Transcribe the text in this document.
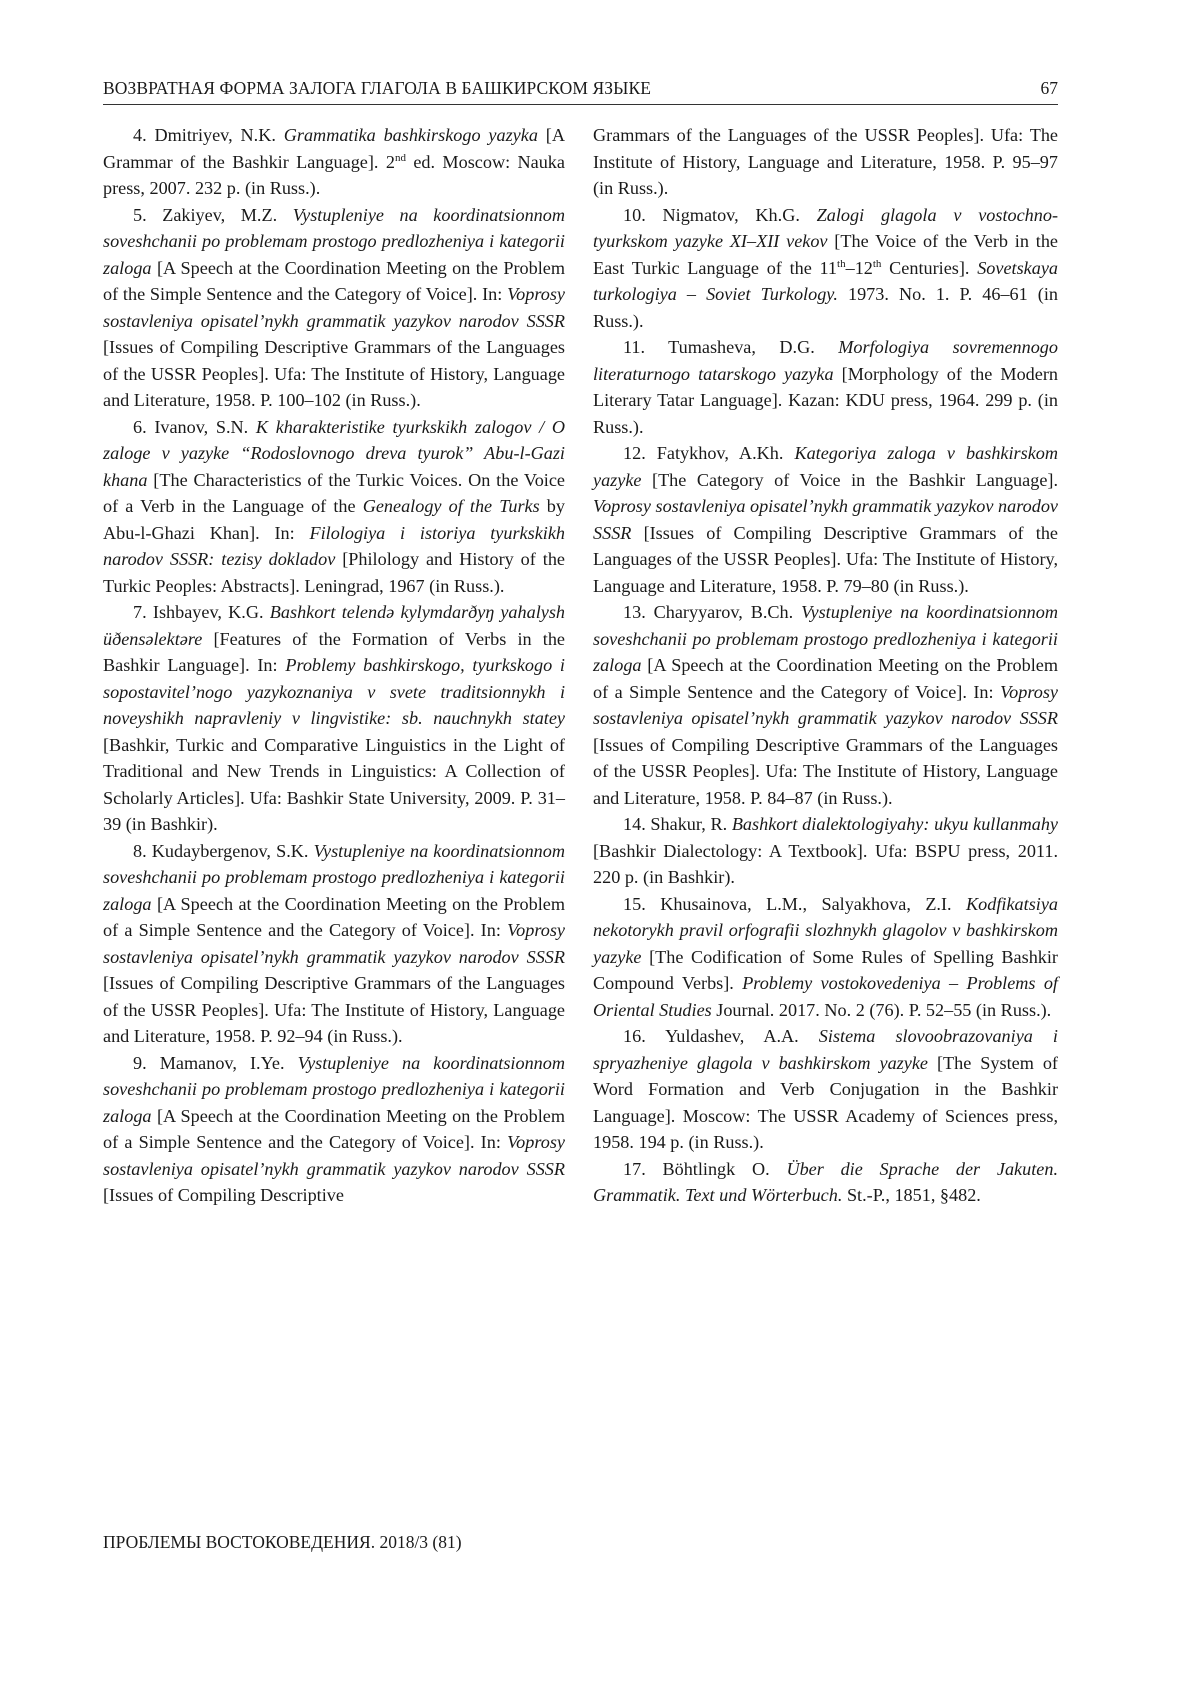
ВОЗВРАТНАЯ ФОРМА ЗАЛОГА ГЛАГОЛА В БАШКИРСКОМ ЯЗЫКЕ	67

4. Dmitriyev, N.K. Grammatika bashkirskogo yazyka [A Grammar of the Bashkir Language]. 2nd ed. Moscow: Nauka press, 2007. 232 p. (in Russ.).

5. Zakiyev, M.Z. Vystupleniye na koordinatsionnom soveshchanii po problemam prostogo predlozheniya i kategorii zaloga [A Speech at the Coordination Meeting on the Problem of the Simple Sentence and the Category of Voice]. In: Voprosy sostavleniya opisatel’nykh grammatik yazykov narodov SSSR [Issues of Compiling Descriptive Grammars of the Languages of the USSR Peoples]. Ufa: The Institute of History, Language and Literature, 1958. P. 100–102 (in Russ.).

6. Ivanov, S.N. K kharakteristike tyurkskikh zalogov / O zaloge v yazyke “Rodoslovnogo dreva tyurok” Abu-l-Gazi khana [The Characteristics of the Turkic Voices. On the Voice of a Verb in the Language of the Genealogy of the Turks by Abu-l-Ghazi Khan]. In: Filologiya i istoriya tyurkskikh narodov SSSR: tezisy dokladov [Philology and History of the Turkic Peoples: Abstracts]. Leningrad, 1967 (in Russ.).

7. Ishbayev, K.G. Bashkort telendə kylymdarðyŋ yahalysh üðensəlektəre [Features of the Formation of Verbs in the Bashkir Language]. In: Problemy bashkirskogo, tyurkskogo i sopostavitel’nogo yazykoznaniya v svete traditsionnykh i noveyshikh napravleniy v lingvistike: sb. nauchnykh statey [Bashkir, Turkic and Comparative Linguistics in the Light of Traditional and New Trends in Linguistics: A Collection of Scholarly Articles]. Ufa: Bashkir State University, 2009. P. 31–39 (in Bashkir).

8. Kudaybergenov, S.K. Vystupleniye na koordinatsionnom soveshchanii po problemam prostogo predlozheniya i kategorii zaloga [A Speech at the Coordination Meeting on the Problem of a Simple Sentence and the Category of Voice]. In: Voprosy sostavleniya opisatel’nykh grammatik yazykov narodov SSSR [Issues of Compiling Descriptive Grammars of the Languages of the USSR Peoples]. Ufa: The Institute of History, Language and Literature, 1958. P. 92–94 (in Russ.).

9. Mamanov, I.Ye. Vystupleniye na koordinatsionnom soveshchanii po problemam prostogo predlozheniya i kategorii zaloga [A Speech at the Coordination Meeting on the Problem of a Simple Sentence and the Category of Voice]. In: Voprosy sostavleniya opisatel’nykh grammatik yazykov narodov SSSR [Issues of Compiling Descriptive

Grammars of the Languages of the USSR Peoples]. Ufa: The Institute of History, Language and Literature, 1958. P. 95–97 (in Russ.).

10. Nigmatov, Kh.G. Zalogi glagola v vostochno-tyurkskom yazyke XI–XII vekov [The Voice of the Verb in the East Turkic Language of the 11th–12th Centuries]. Sovetskaya turkologiya – Soviet Turkology. 1973. No. 1. P. 46–61 (in Russ.).

11. Tumasheva, D.G. Morfologiya sovremennogo literaturnogo tatarskogo yazyka [Morphology of the Modern Literary Tatar Language]. Kazan: KDU press, 1964. 299 p. (in Russ.).

12. Fatykhov, A.Kh. Kategoriya zaloga v bashkirskom yazyke [The Category of Voice in the Bashkir Language]. Voprosy sostavleniya opisatel’nykh grammatik yazykov narodov SSSR [Issues of Compiling Descriptive Grammars of the Languages of the USSR Peoples]. Ufa: The Institute of History, Language and Literature, 1958. P. 79–80 (in Russ.).

13. Charyyarov, B.Ch. Vystupleniye na koordinatsionnom soveshchanii po problemam prostogo predlozheniya i kategorii zaloga [A Speech at the Coordination Meeting on the Problem of a Simple Sentence and the Category of Voice]. In: Voprosy sostavleniya opisatel’nykh grammatik yazykov narodov SSSR [Issues of Compiling Descriptive Grammars of the Languages of the USSR Peoples]. Ufa: The Institute of History, Language and Literature, 1958. P. 84–87 (in Russ.).

14. Shakur, R. Bashkort dialektologiyahy: ukyu kullanmahy [Bashkir Dialectology: A Textbook]. Ufa: BSPU press, 2011. 220 p. (in Bashkir).

15. Khusainova, L.M., Salyakhova, Z.I. Kodfikatsiya nekotorykh pravil orfografii slozhnykh glagolov v bashkirskom yazyke [The Codification of Some Rules of Spelling Bashkir Compound Verbs]. Problemy vostokovedeniya – Problems of Oriental Studies Journal. 2017. No. 2 (76). P. 52–55 (in Russ.).

16. Yuldashev, A.A. Sistema slovoobrazovaniya i spryazheniye glagola v bashkirskom yazyke [The System of Word Formation and Verb Conjugation in the Bashkir Language]. Moscow: The USSR Academy of Sciences press, 1958. 194 p. (in Russ.).

17. Böhtlingk O. Über die Sprache der Jakuten. Grammatik. Text und Wörterbuch. St.-P., 1851, §482.

ПРОБЛЕМЫ ВОСТОКОВЕДЕНИЯ. 2018/3 (81)
